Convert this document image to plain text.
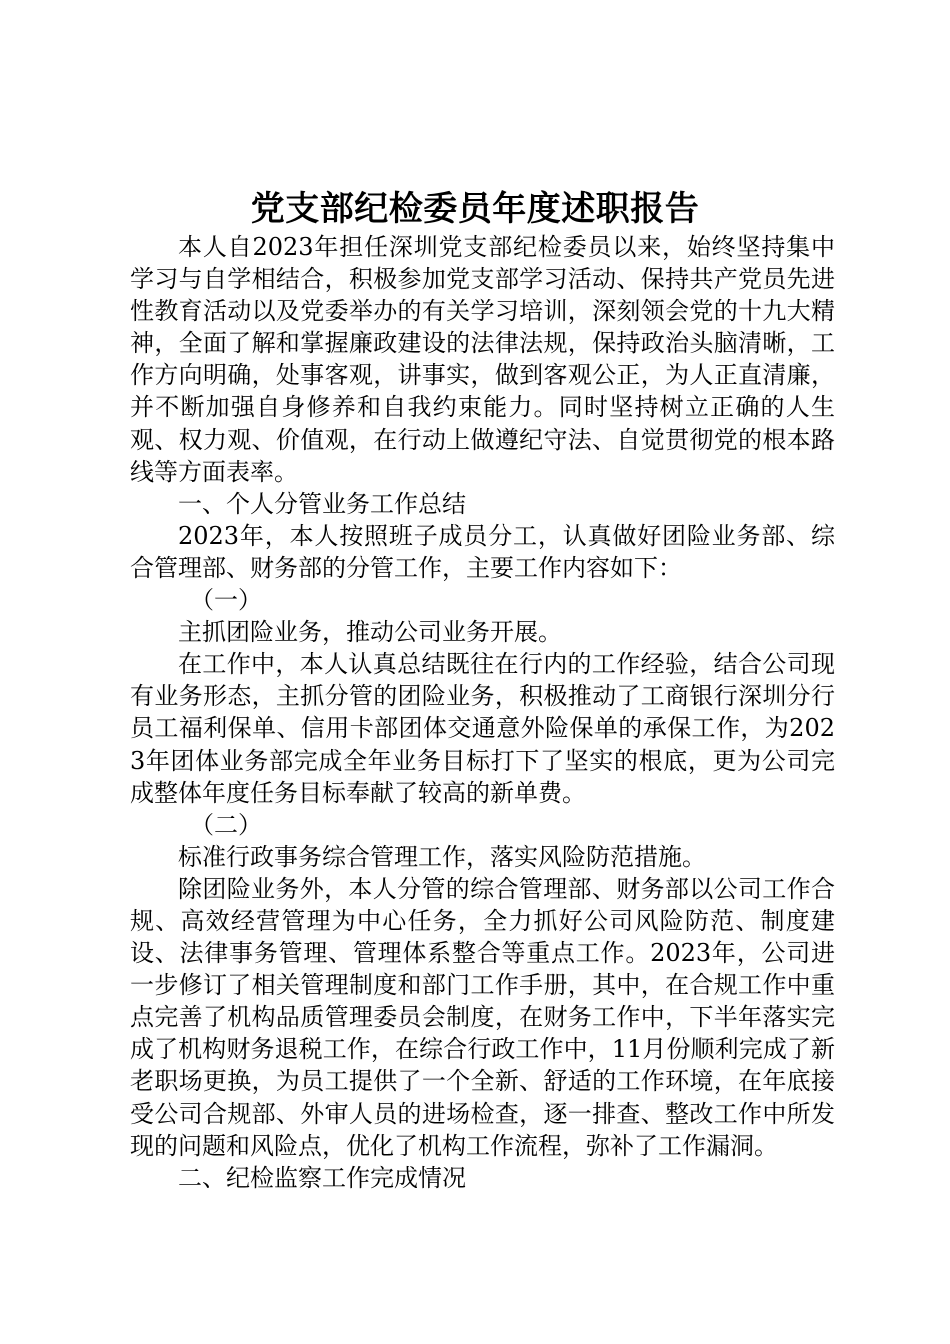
党支部纪检委员年度述职报告

本人自2023年担任深圳党支部纪检委员以来，始终坚持集中学习与自学相结合，积极参加党支部学习活动、保持共产党员先进性教育活动以及党委举办的有关学习培训，深刻领会党的十九大精神，全面了解和掌握廉政建设的法律法规，保持政治头脑清晰，工作方向明确，处事客观，讲事实，做到客观公正，为人正直清廉，并不断加强自身修养和自我约束能力。同时坚持树立正确的人生观、权力观、价值观，在行动上做遵纪守法、自觉贯彻党的根本路线等方面表率。

一、个人分管业务工作总结

2023年，本人按照班子成员分工，认真做好团险业务部、综合管理部、财务部的分管工作，主要工作内容如下：

（一）

主抓团险业务，推动公司业务开展。

在工作中，本人认真总结既往在行内的工作经验，结合公司现有业务形态，主抓分管的团险业务，积极推动了工商银行深圳分行员工福利保单、信用卡部团体交通意外险保单的承保工作，为2023年团体业务部完成全年业务目标打下了坚实的根底，更为公司完成整体年度任务目标奉献了较高的新单费。

（二）

标准行政事务综合管理工作，落实风险防范措施。

除团险业务外，本人分管的综合管理部、财务部以公司工作合规、高效经营管理为中心任务，全力抓好公司风险防范、制度建设、法律事务管理、管理体系整合等重点工作。2023年，公司进一步修订了相关管理制度和部门工作手册，其中，在合规工作中重点完善了机构品质管理委员会制度，在财务工作中，下半年落实完成了机构财务退税工作，在综合行政工作中，11月份顺利完成了新老职场更换，为员工提供了一个全新、舒适的工作环境，在年底接受公司合规部、外审人员的进场检查，逐一排查、整改工作中所发现的问题和风险点，优化了机构工作流程，弥补了工作漏洞。

二、纪检监察工作完成情况
